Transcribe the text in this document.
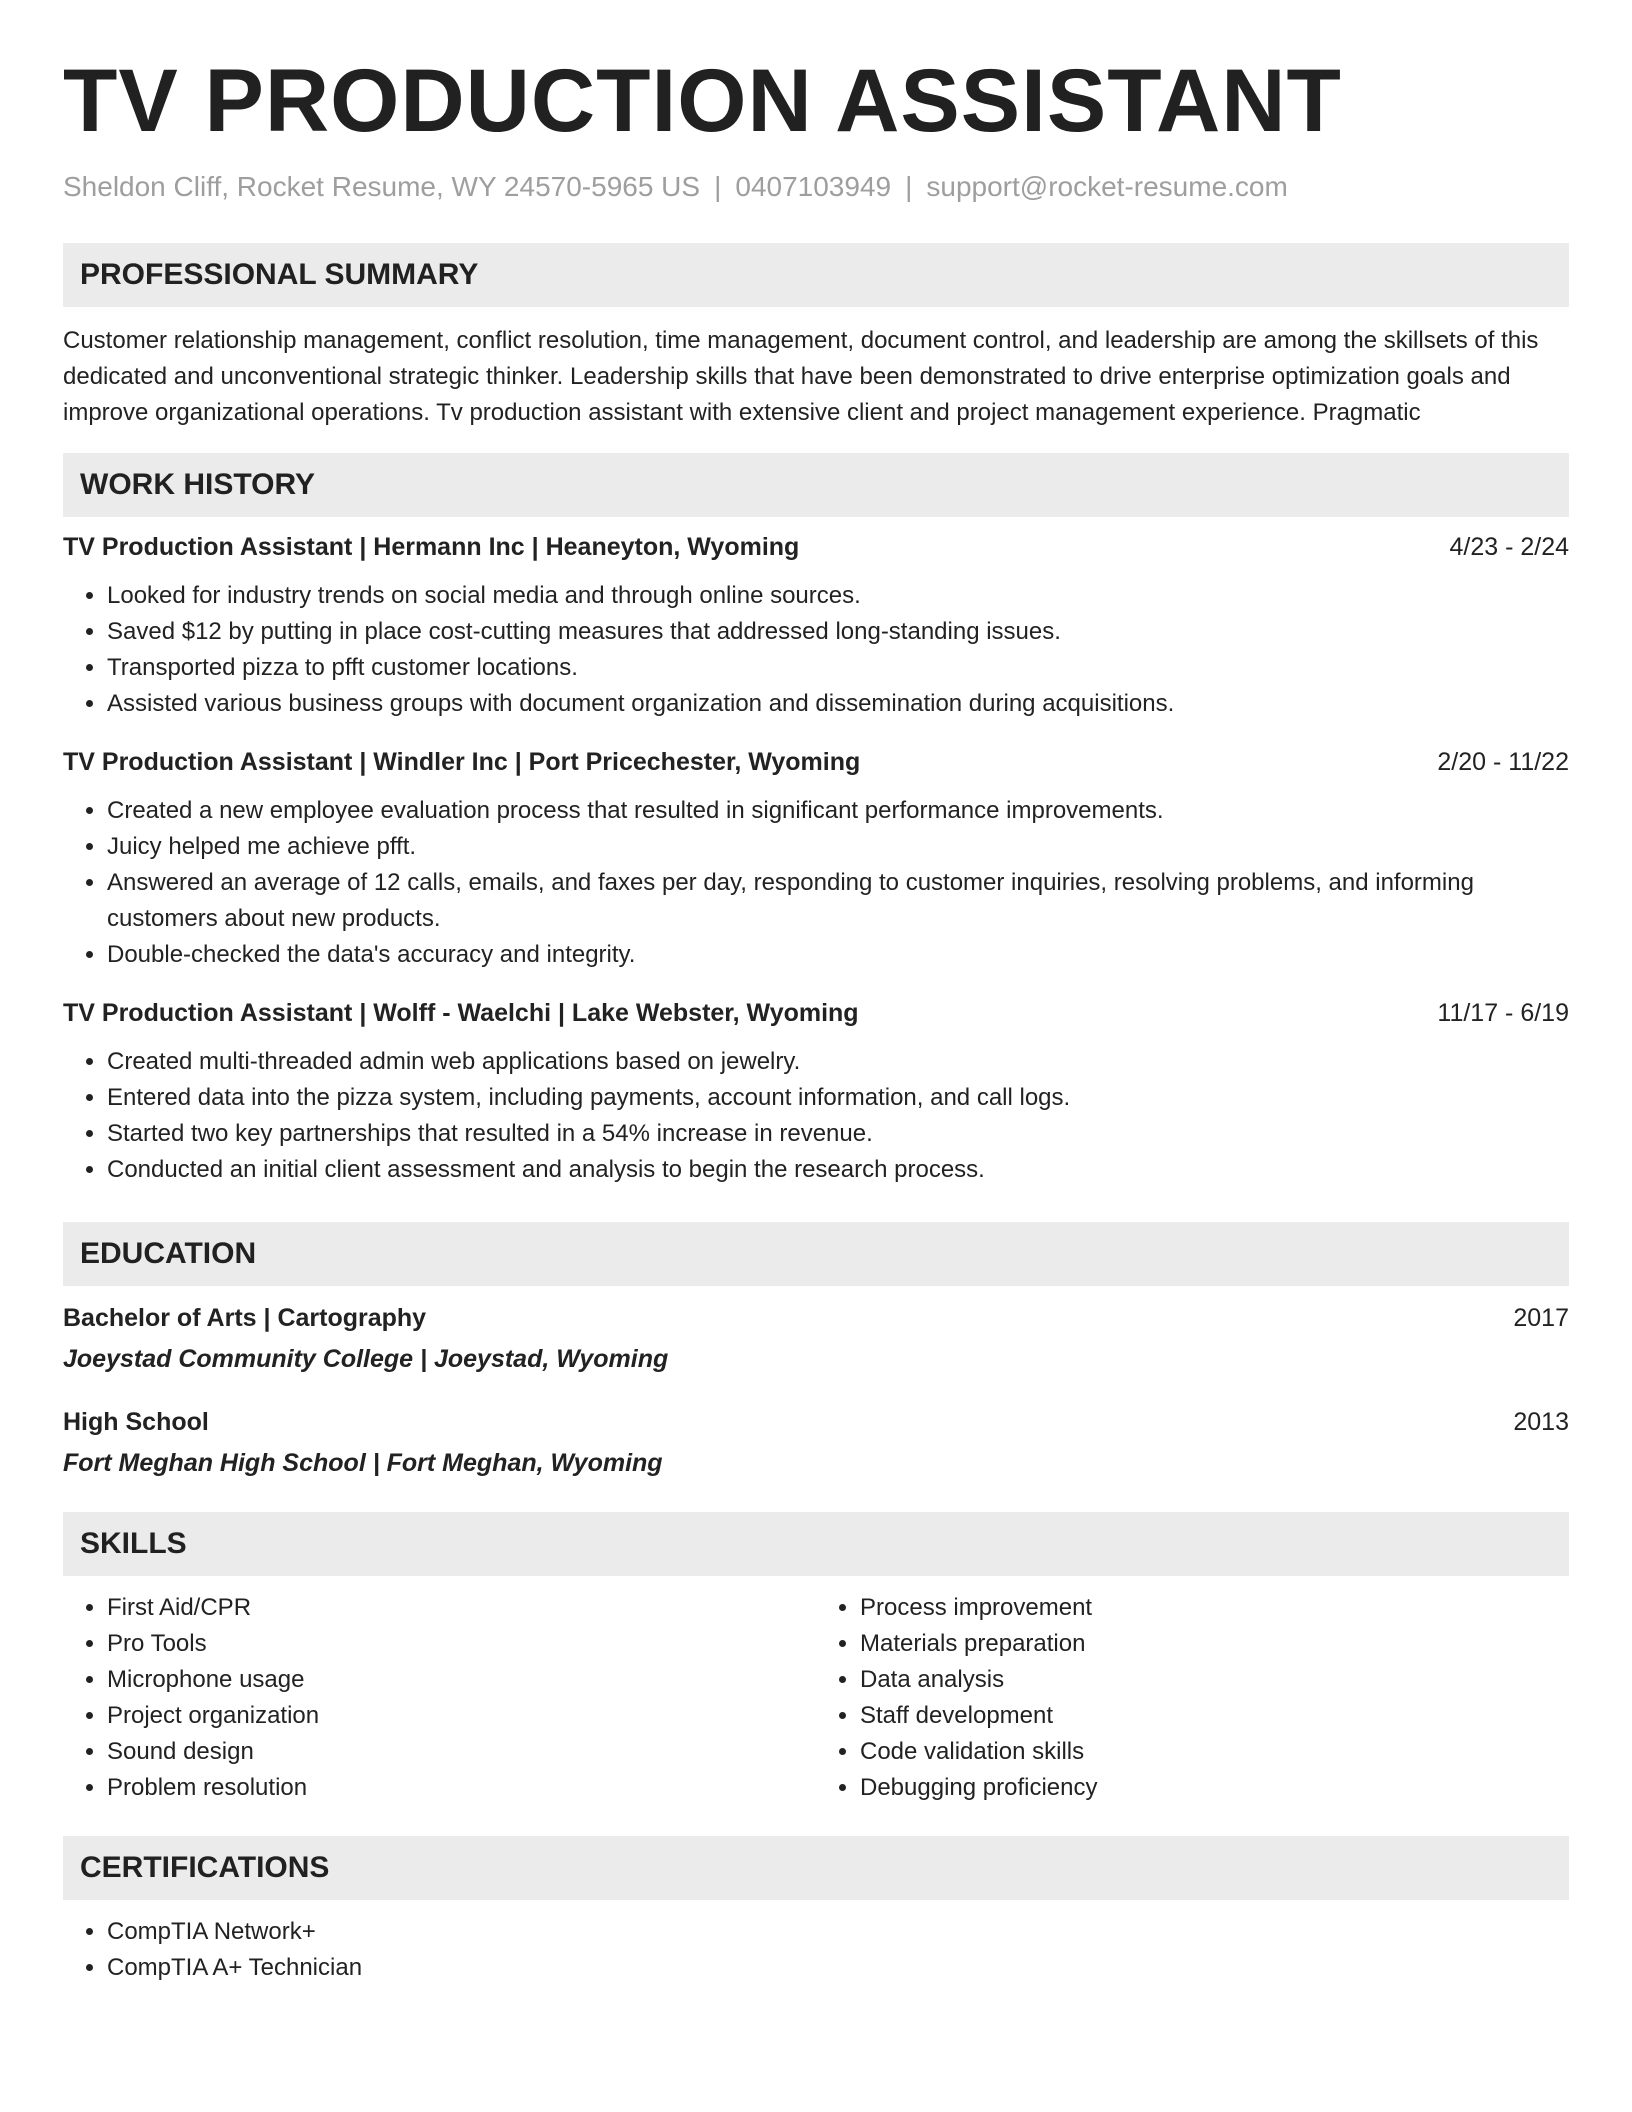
TV PRODUCTION ASSISTANT
Sheldon Cliff, Rocket Resume, WY 24570-5965 US | 0407103949 | support@rocket-resume.com
PROFESSIONAL SUMMARY

Customer relationship management, conflict resolution, time management, document control, and leadership are among the skillsets of this dedicated and unconventional strategic thinker. Leadership skills that have been demonstrated to drive enterprise optimization goals and improve organizational operations. Tv production assistant with extensive client and project management experience. Pragmatic

WORK HISTORY
TV Production Assistant | Hermann Inc | Heaneyton, Wyoming	4/23 - 2/24
• Looked for industry trends on social media and through online sources.
• Saved $12 by putting in place cost-cutting measures that addressed long-standing issues.
• Transported pizza to pfft customer locations.
• Assisted various business groups with document organization and dissemination during acquisitions.
TV Production Assistant | Windler Inc | Port Pricechester, Wyoming	2/20 - 11/22
• Created a new employee evaluation process that resulted in significant performance improvements.
• Juicy helped me achieve pfft.
• Answered an average of 12 calls, emails, and faxes per day, responding to customer inquiries, resolving problems, and informing customers about new products.
• Double-checked the data's accuracy and integrity.
TV Production Assistant | Wolff - Waelchi | Lake Webster, Wyoming	11/17 - 6/19
• Created multi-threaded admin web applications based on jewelry.
• Entered data into the pizza system, including payments, account information, and call logs.
• Started two key partnerships that resulted in a 54% increase in revenue.
• Conducted an initial client assessment and analysis to begin the research process.
EDUCATION
Bachelor of Arts | Cartography	2017
Joeystad Community College | Joeystad, Wyoming
High School	2013
Fort Meghan High School | Fort Meghan, Wyoming
SKILLS
• First Aid/CPR
• Pro Tools
• Microphone usage
• Project organization
• Sound design
• Problem resolution
• Process improvement
• Materials preparation
• Data analysis
• Staff development
• Code validation skills
• Debugging proficiency
CERTIFICATIONS
• CompTIA Network+
• CompTIA A+ Technician
